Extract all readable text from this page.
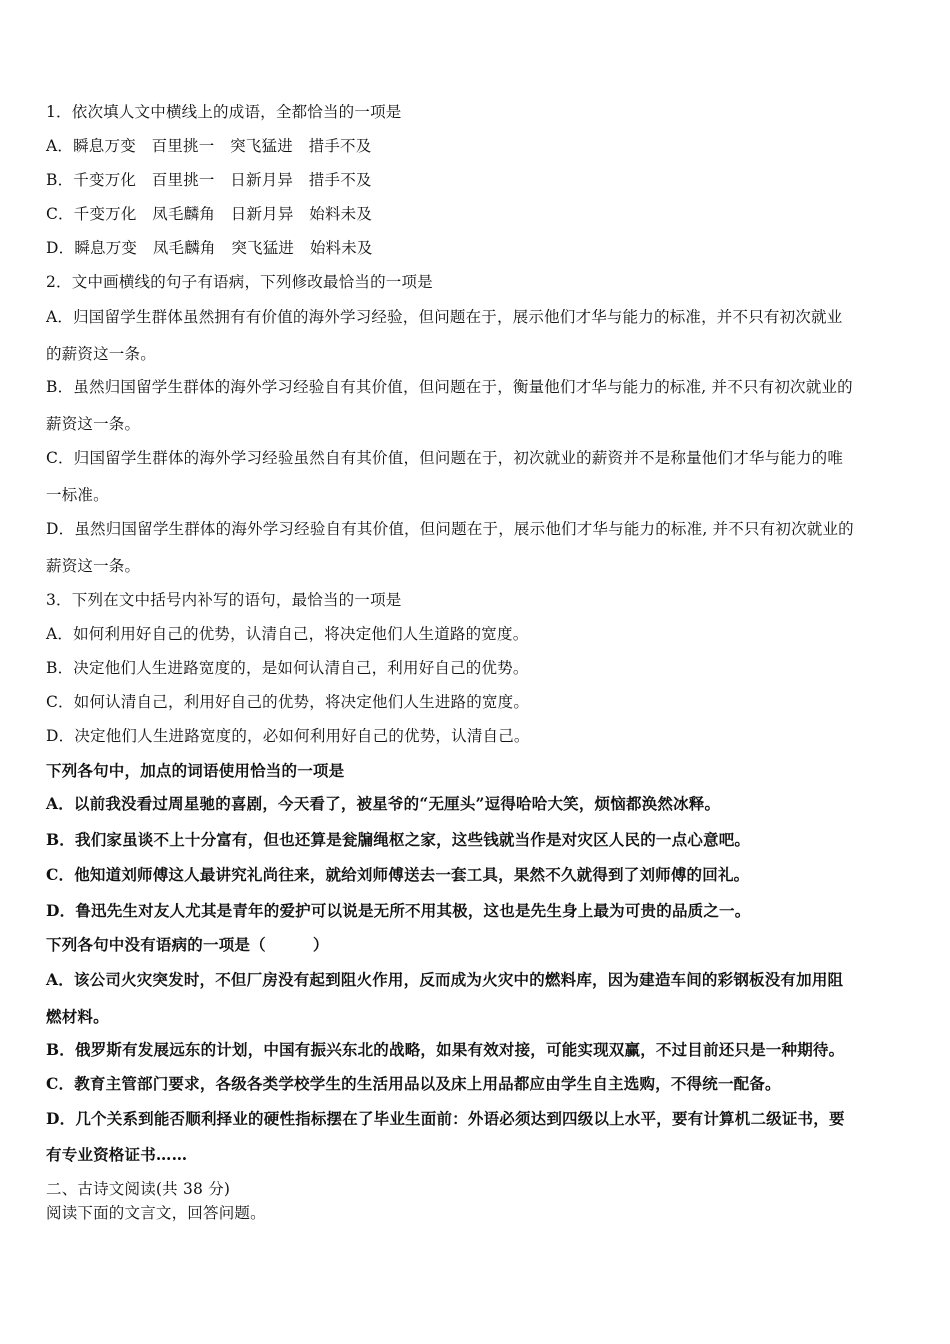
1．依次填人文中横线上的成语，全都恰当的一项是
A．瞬息万变　百里挑一　突飞猛进　措手不及
B．千变万化　百里挑一　日新月异　措手不及
C．千变万化　凤毛麟角　日新月异　始料未及
D．瞬息万变　凤毛麟角　突飞猛进　始料未及
2．文中画横线的句子有语病，下列修改最恰当的一项是
A．归国留学生群体虽然拥有有价值的海外学习经验，但问题在于，展示他们才华与能力的标准，并不只有初次就业
的薪资这一条。
B．虽然归国留学生群体的海外学习经验自有其价值，但问题在于，衡量他们才华与能力的标准, 并不只有初次就业的
薪资这一条。
C．归国留学生群体的海外学习经验虽然自有其价值，但问题在于，初次就业的薪资并不是称量他们才华与能力的唯
一标准。
D．虽然归国留学生群体的海外学习经验自有其价值，但问题在于，展示他们才华与能力的标准, 并不只有初次就业的
薪资这一条。
3．下列在文中括号内补写的语句，最恰当的一项是
A．如何利用好自己的优势，认清自己，将决定他们人生道路的宽度。
B．决定他们人生进路宽度的，是如何认清自己，利用好自己的优势。
C．如何认清自己，利用好自己的优势，将决定他们人生进路的宽度。
D．决定他们人生进路宽度的，必如何利用好自己的优势，认清自己。
下列各句中，加点的词语使用恰当的一项是
A．以前我没看过周星驰的喜剧，今天看了，被星爷的“无厘头”逗得哈哈大笑，烦恼都涣然冰释。
B．我们家虽谈不上十分富有，但也还算是瓮牖绳枢之家，这些钱就当作是对灾区人民的一点心意吧。
C．他知道刘师傅这人最讲究礼尚往来，就给刘师傅送去一套工具，果然不久就得到了刘师傅的回礼。
D．鲁迅先生对友人尤其是青年的爱护可以说是无所不用其极，这也是先生身上最为可贵的品质之一。
下列各句中没有语病的一项是（　　　）
A．该公司火灾突发时，不但厂房没有起到阻火作用，反而成为火灾中的燃料库，因为建造车间的彩钢板没有加用阻
燃材料。
B．俄罗斯有发展远东的计划，中国有振兴东北的战略，如果有效对接，可能实现双赢，不过目前还只是一种期待。
C．教育主管部门要求，各级各类学校学生的生活用品以及床上用品都应由学生自主选购，不得统一配备。
D．几个关系到能否顺利择业的硬性指标摆在了毕业生面前：外语必须达到四级以上水平，要有计算机二级证书，要
有专业资格证书……
二、古诗文阅读(共 38 分)
阅读下面的文言文，回答问题。
